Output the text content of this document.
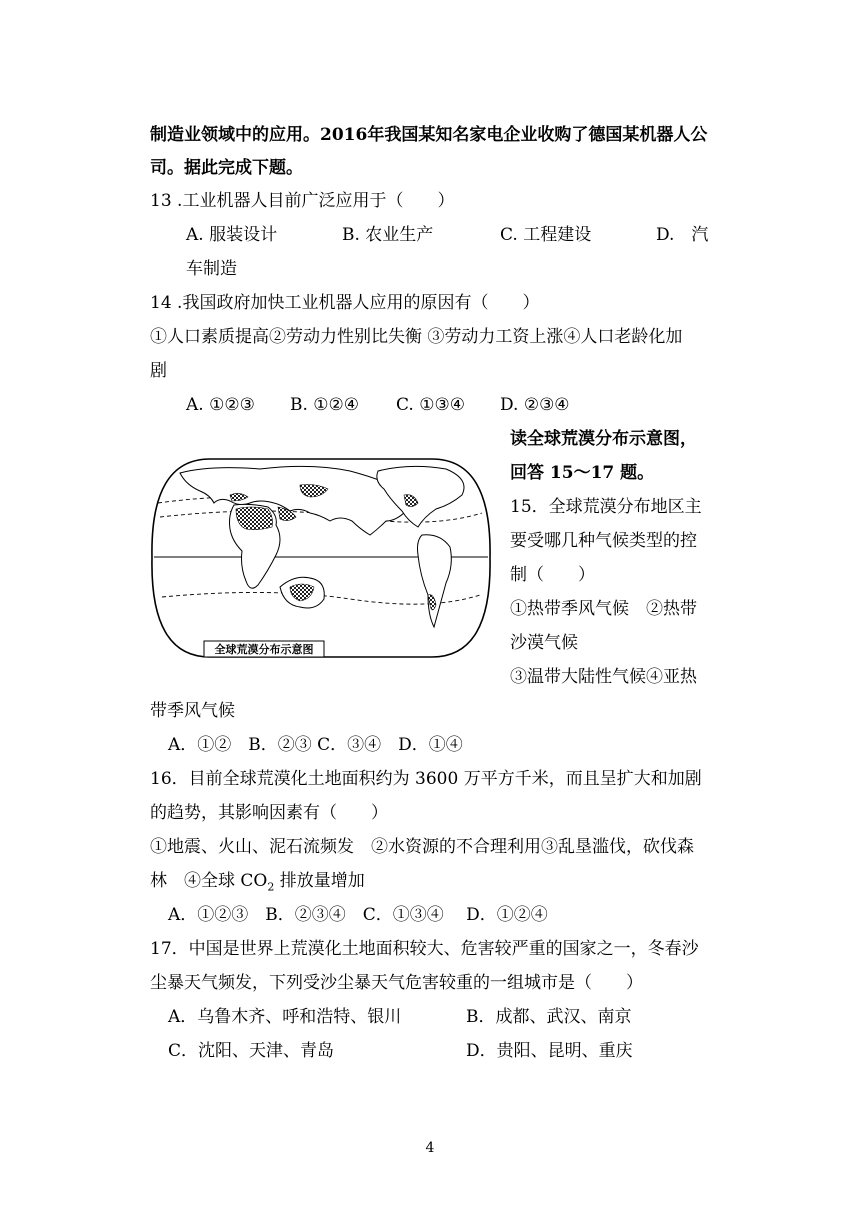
制造业领域中的应用。2016年我国某知名家电企业收购了德国某机器人公
司。据此完成下题。
13 .工业机器人目前广泛应用于（　　）
A. 服装设计	B. 农业生产	C. 工程建设	D.　汽
车制造
14 .我国政府加快工业机器人应用的原因有（　　）
①人口素质提高②劳动力性别比失衡 ③劳动力工资上涨④人口老龄化加
剧
A. ①②③ B. ①②④ C. ①③④ D. ②③④
全球荒漠分布示意图
读全球荒漠分布示意图，
回答 15～17 题。
15．全球荒漠分布地区主
要受哪几种气候类型的控
制（　　）
①热带季风气候　②热带
沙漠气候
③温带大陆性气候④亚热
带季风气候
A．①②　B．②③ C．③④　D．①④
16．目前全球荒漠化土地面积约为 3600 万平方千米，而且呈扩大和加剧
的趋势，其影响因素有（　　）
①地震、火山、泥石流频发　②水资源的不合理利用③乱垦滥伐，砍伐森
林　④全球 $CO_2$ 排放量增加
A．①②③　B．②③④　C．①③④　 D．①②④
17．中国是世界上荒漠化土地面积较大、危害较严重的国家之一，冬春沙
尘暴天气频发，下列受沙尘暴天气危害较重的一组城市是（　　）
A．乌鲁木齐、呼和浩特、银川	B．成都、武汉、南京
C．沈阳、天津、青岛	D．贵阳、昆明、重庆
4
